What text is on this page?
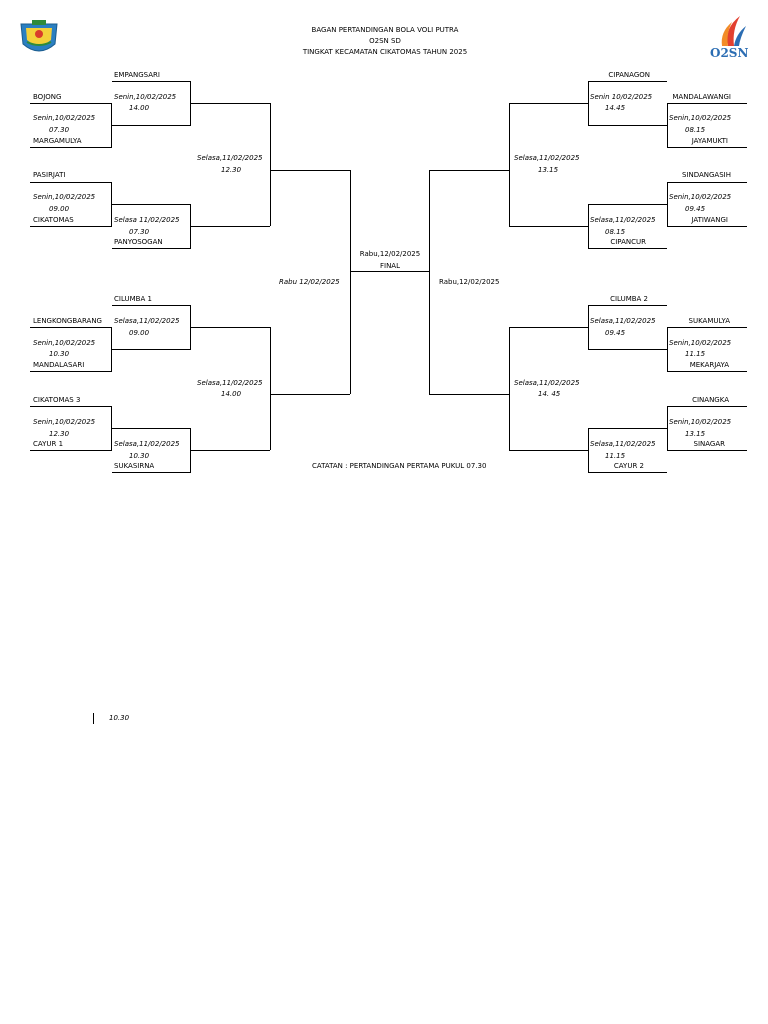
BAGAN PERTANDINGAN BOLA VOLI PUTRA
O2SN SD
TINGKAT KECAMATAN CIKATOMAS TAHUN 2025	O2SN
BOJONG
Senin,10/02/2025
07.30
MARGAMULYA
PASIRJATI
Senin,10/02/2025
09.00
CIKATOMAS
LENGKONGBARANG
Senin,10/02/2025
10.30
MANDALASARI
CIKATOMAS 3
Senin,10/02/2025
12.30
CAYUR 1
EMPANGSARI
Senin,10/02/2025
14.00
Selasa 11/02/2025
07.30
PANYOSOGAN
CILUMBA 1
Selasa,11/02/2025
09.00
Selasa,11/02/2025
10.30
SUKASIRNA
Selasa,11/02/2025
12.30
Selasa,11/02/2025
14.00
Rabu 12/02/2025
Rabu,12/02/2025
FINAL
Rabu,12/02/2025
Selasa,11/02/2025
13.15
Selasa,11/02/2025
14. 45
CIPANAGON
Senin 10/02/2025
14.45
Selasa,11/02/2025
08.15
CIPANCUR
CILUMBA 2
Selasa,11/02/2025
09.45
Selasa,11/02/2025
11.15
CAYUR 2
MANDALAWANGI
Senin,10/02/2025
08.15
JAYAMUKTI
SINDANGASIH
Senin,10/02/2025
09.45
JATIWANGI
SUKAMULYA
Senin,10/02/2025
11.15
MEKARJAYA
CINANGKA
Senin,10/02/2025
13.15
SINAGAR
CATATAN : PERTANDINGAN PERTAMA PUKUL 07.30
10.30
